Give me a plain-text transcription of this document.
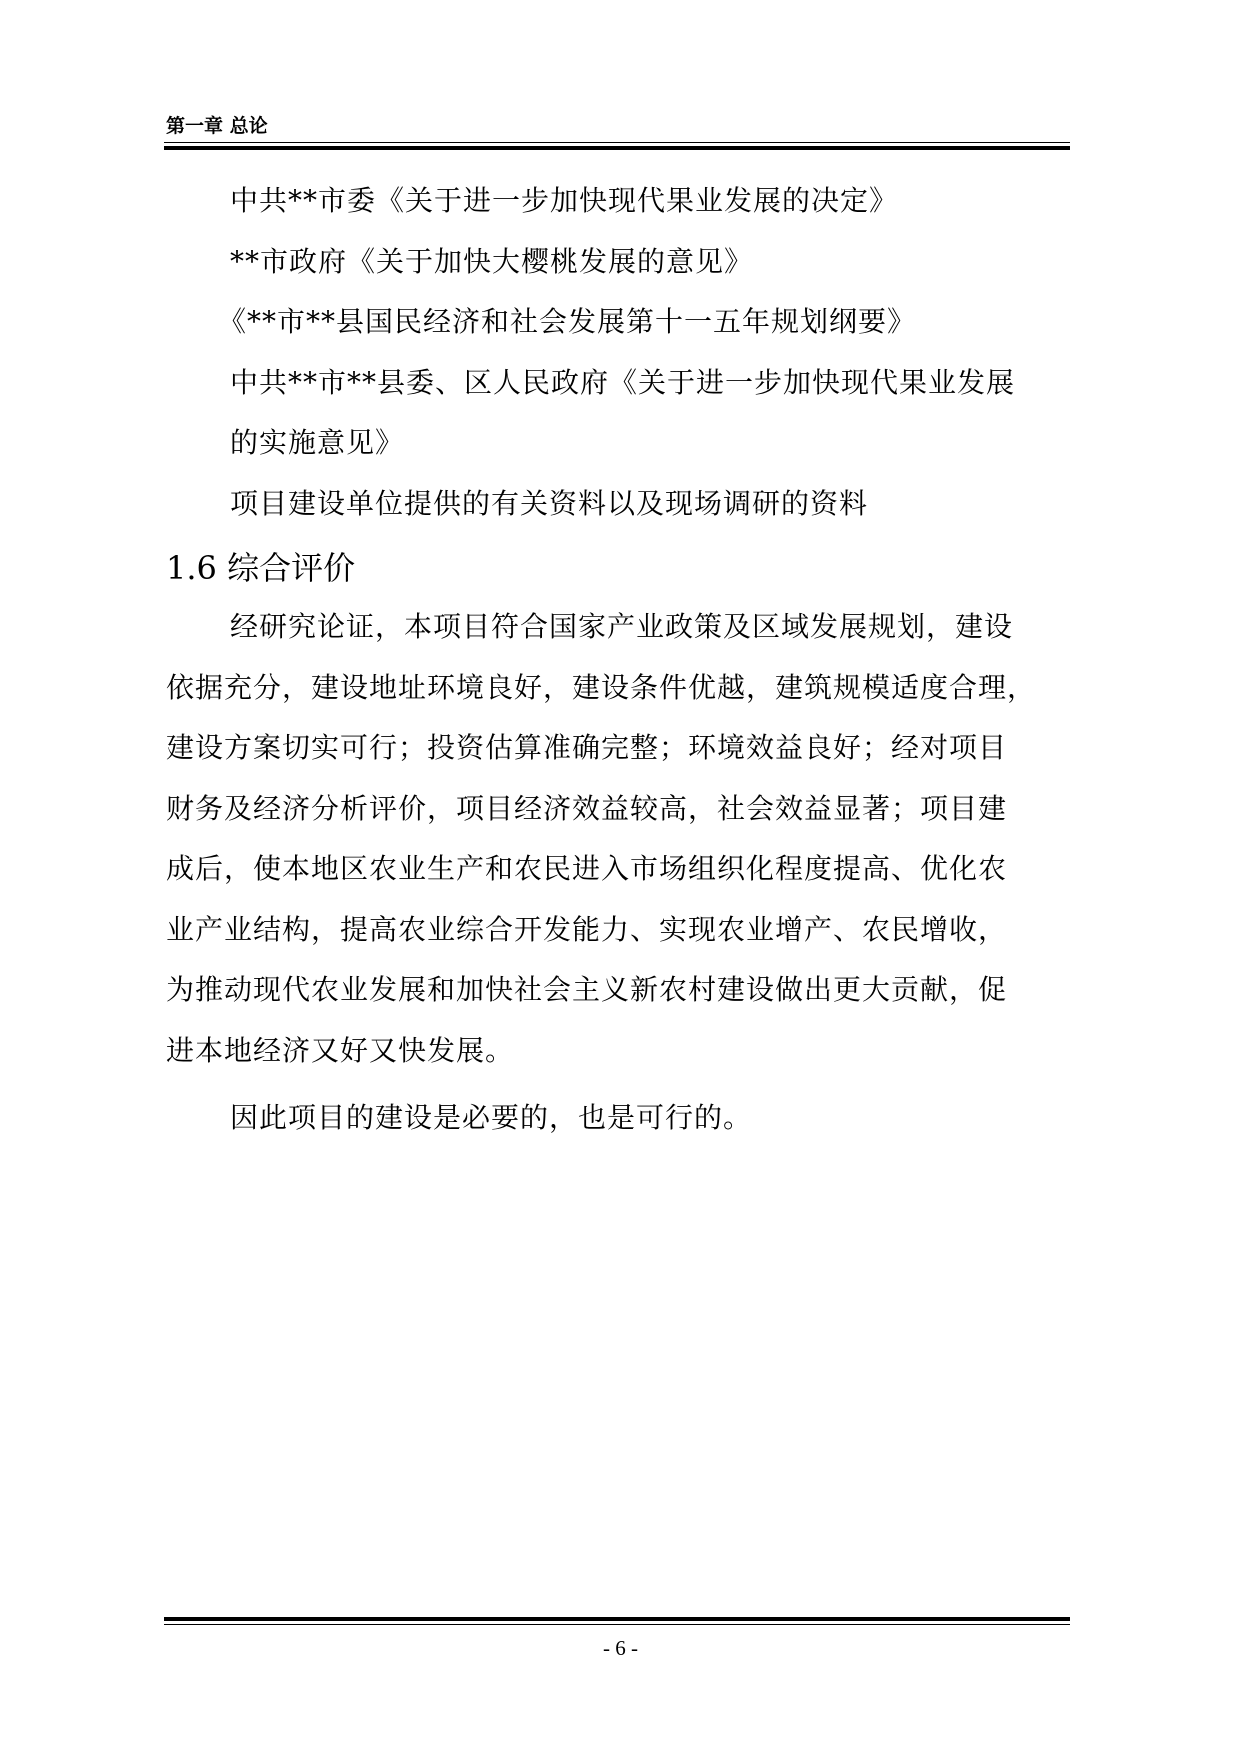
第一章 总论
中共**市委《关于进一步加快现代果业发展的决定》
**市政府《关于加快大樱桃发展的意见》
《**市**县国民经济和社会发展第十一五年规划纲要》
中共**市**县委、区人民政府《关于进一步加快现代果业发展
的实施意见》
项目建设单位提供的有关资料以及现场调研的资料
1.6 综合评价
经研究论证，本项目符合国家产业政策及区域发展规划，建设
依据充分，建设地址环境良好，建设条件优越，建筑规模适度合理，
建设方案切实可行；投资估算准确完整；环境效益良好；经对项目
财务及经济分析评价，项目经济效益较高，社会效益显著；项目建
成后，使本地区农业生产和农民进入市场组织化程度提高、优化农
业产业结构，提高农业综合开发能力、实现农业增产、农民增收，
为推动现代农业发展和加快社会主义新农村建设做出更大贡献，促
进本地经济又好又快发展。
因此项目的建设是必要的，也是可行的。
- 6 -
